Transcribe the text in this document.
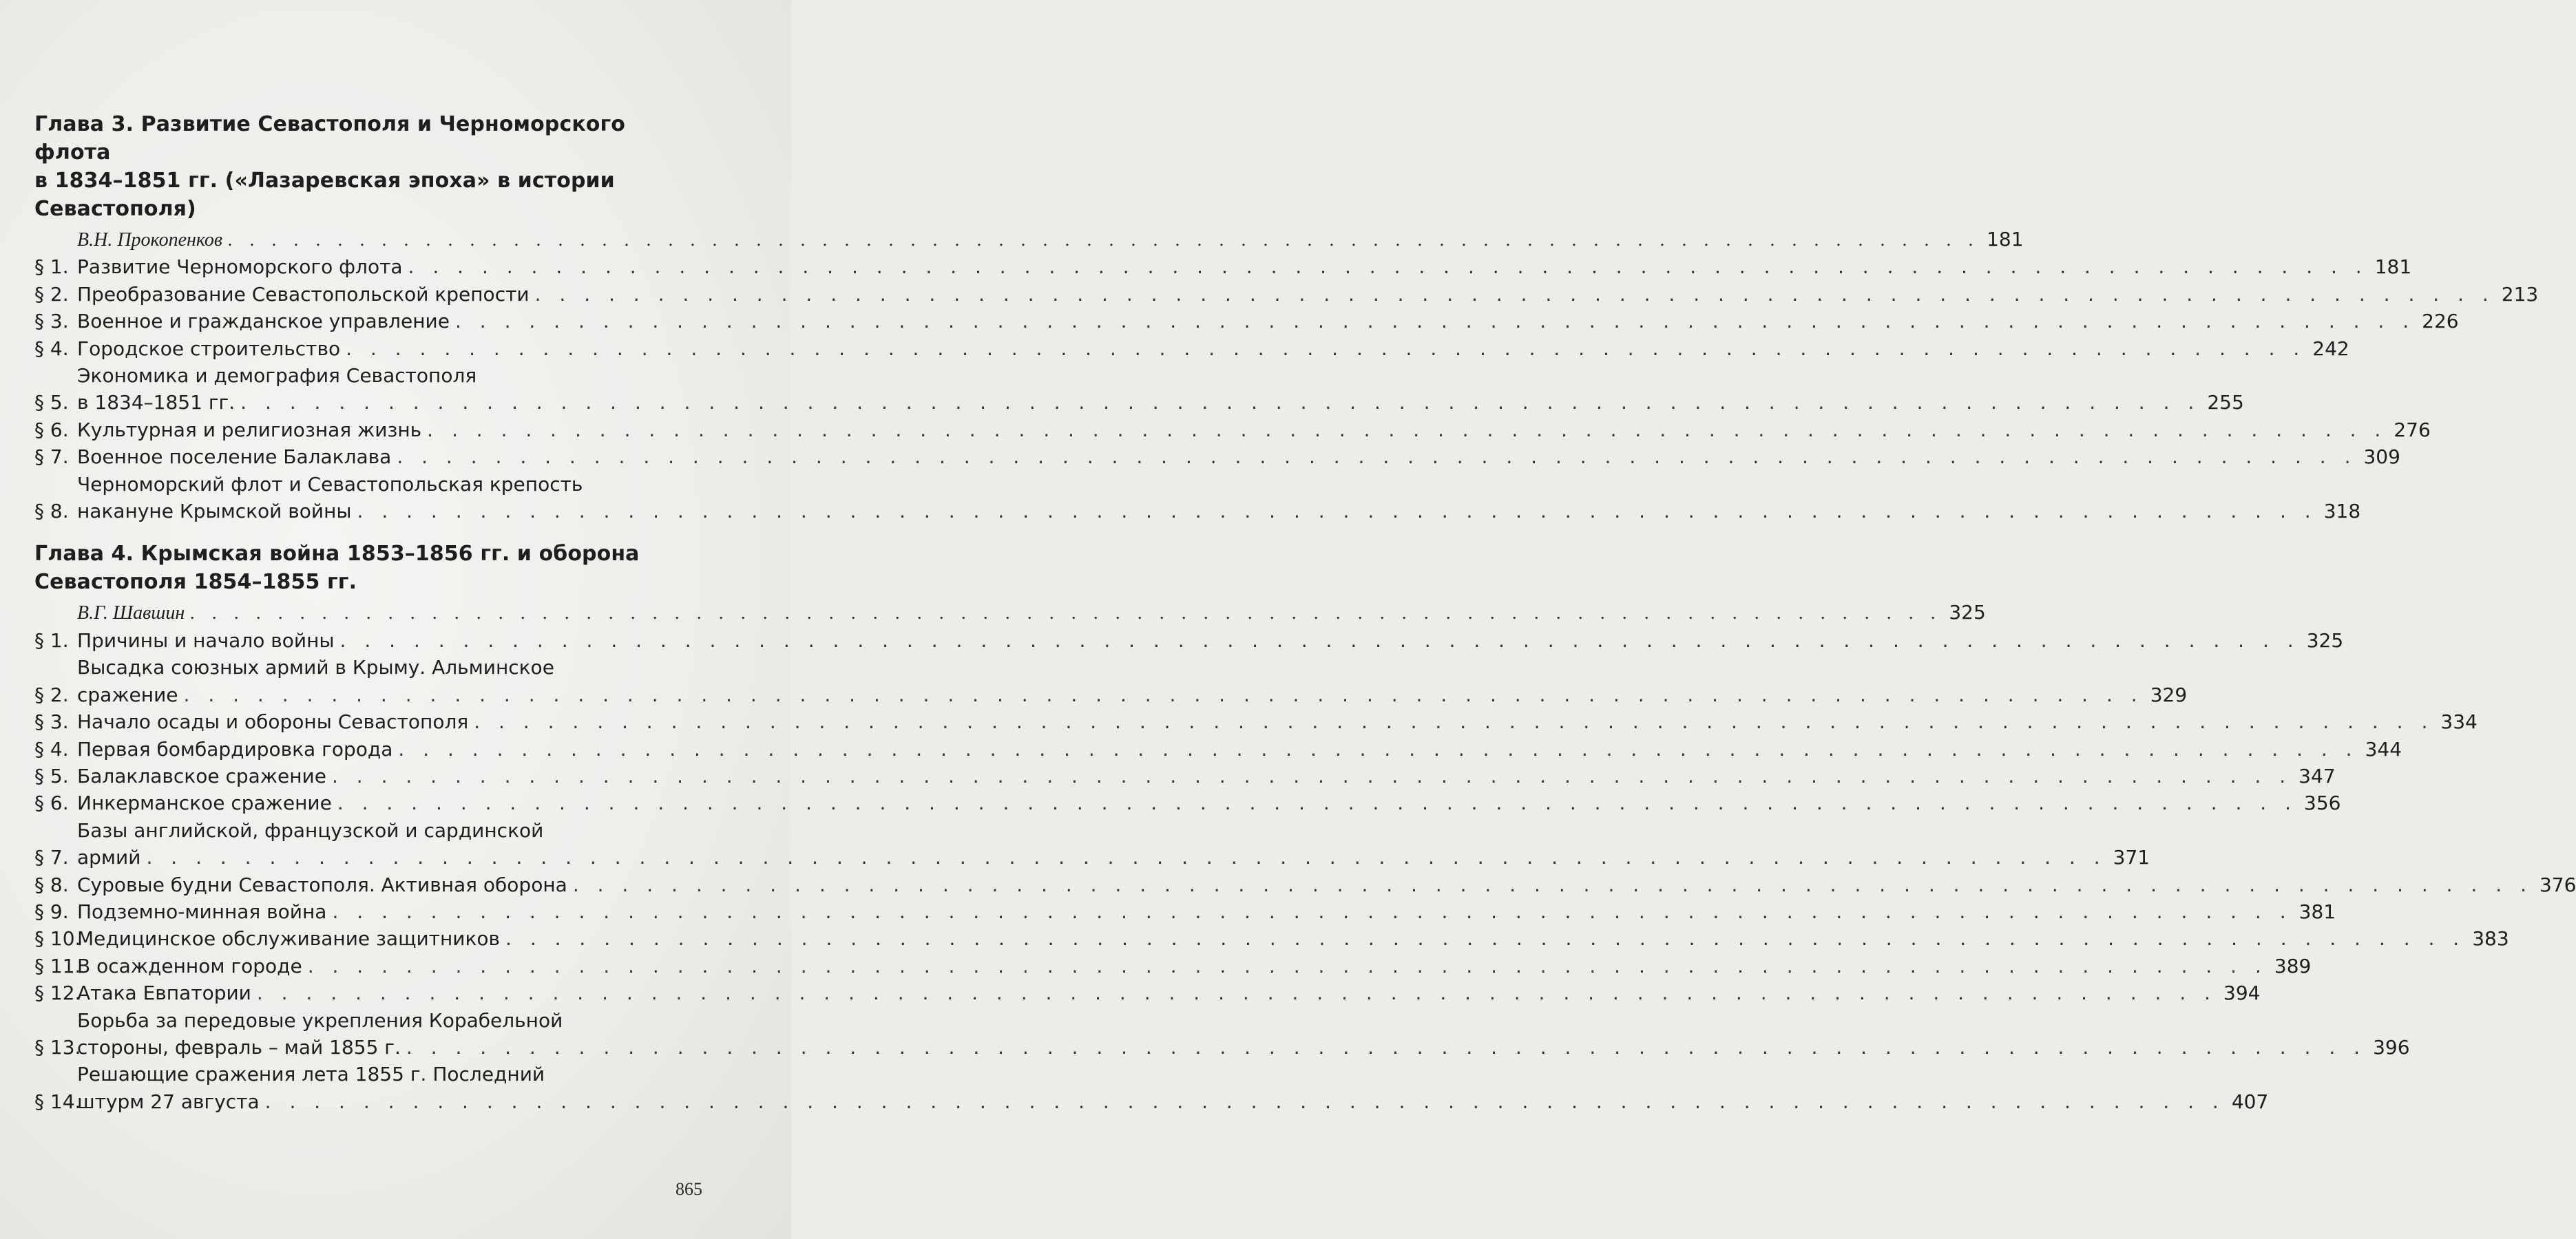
Глава 3. Развитие Севастополя и Черноморского флота
в 1834–1851 гг. («Лазаревская эпоха» в истории
Севастополя)
В.Н. Прокопенков . . . . . . . . . . . . . . . . . . . . . . . . . . . . . . . . . . . . . . . . . . . . . . . . . . . . . . . . . . . . . . . . . . . . . . . . . . . . . . . . 181
§ 1. Развитие Черноморского флота . . . . . . . . . . . . . . . . . . . . . . . . . . . . . . . . . . . . . . . . . . . . . . . . . . . . . . . . . . . . . . . . . . . . . . . . . . . . . . . . 181
§ 2. Преобразование Севастопольской крепости . . . . . . . . . . . . . . . . . . . . . . . . . . . . . . . . . . . . . . . . . . . . . . . . . . . . . . . . . . . . . . . . . . . . . . . . . . . . . . . . 213
§ 3. Военное и гражданское управление . . . . . . . . . . . . . . . . . . . . . . . . . . . . . . . . . . . . . . . . . . . . . . . . . . . . . . . . . . . . . . . . . . . . . . . . . . . . . . . . 226
§ 4. Городское строительство . . . . . . . . . . . . . . . . . . . . . . . . . . . . . . . . . . . . . . . . . . . . . . . . . . . . . . . . . . . . . . . . . . . . . . . . . . . . . . . . 242
§ 5.
Экономика и демография Севастополя
в 1834–1851 гг. . . . . . . . . . . . . . . . . . . . . . . . . . . . . . . . . . . . . . . . . . . . . . . . . . . . . . . . . . . . . . . . . . . . . . . . . . . . . . . . . 255
§ 6. Культурная и религиозная жизнь . . . . . . . . . . . . . . . . . . . . . . . . . . . . . . . . . . . . . . . . . . . . . . . . . . . . . . . . . . . . . . . . . . . . . . . . . . . . . . . . 276
§ 7. Военное поселение Балаклава . . . . . . . . . . . . . . . . . . . . . . . . . . . . . . . . . . . . . . . . . . . . . . . . . . . . . . . . . . . . . . . . . . . . . . . . . . . . . . . . 309
§ 8.
Черноморский флот и Севастопольская крепость
накануне Крымской войны . . . . . . . . . . . . . . . . . . . . . . . . . . . . . . . . . . . . . . . . . . . . . . . . . . . . . . . . . . . . . . . . . . . . . . . . . . . . . . . . 318
Глава 4. Крымская война 1853–1856 гг. и оборона
Севастополя 1854–1855 гг.
В.Г. Шавшин . . . . . . . . . . . . . . . . . . . . . . . . . . . . . . . . . . . . . . . . . . . . . . . . . . . . . . . . . . . . . . . . . . . . . . . . . . . . . . . . 325
§ 1. Причины и начало войны . . . . . . . . . . . . . . . . . . . . . . . . . . . . . . . . . . . . . . . . . . . . . . . . . . . . . . . . . . . . . . . . . . . . . . . . . . . . . . . . 325
§ 2.
Высадка союзных армий в Крыму. Альминское
сражение . . . . . . . . . . . . . . . . . . . . . . . . . . . . . . . . . . . . . . . . . . . . . . . . . . . . . . . . . . . . . . . . . . . . . . . . . . . . . . . . 329
§ 3. Начало осады и обороны Севастополя . . . . . . . . . . . . . . . . . . . . . . . . . . . . . . . . . . . . . . . . . . . . . . . . . . . . . . . . . . . . . . . . . . . . . . . . . . . . . . . . 334
§ 4. Первая бомбардировка города . . . . . . . . . . . . . . . . . . . . . . . . . . . . . . . . . . . . . . . . . . . . . . . . . . . . . . . . . . . . . . . . . . . . . . . . . . . . . . . . 344
§ 5. Балаклавское сражение . . . . . . . . . . . . . . . . . . . . . . . . . . . . . . . . . . . . . . . . . . . . . . . . . . . . . . . . . . . . . . . . . . . . . . . . . . . . . . . . 347
§ 6. Инкерманское сражение . . . . . . . . . . . . . . . . . . . . . . . . . . . . . . . . . . . . . . . . . . . . . . . . . . . . . . . . . . . . . . . . . . . . . . . . . . . . . . . . 356
§ 7.
Базы английской, французской и сардинской
армий . . . . . . . . . . . . . . . . . . . . . . . . . . . . . . . . . . . . . . . . . . . . . . . . . . . . . . . . . . . . . . . . . . . . . . . . . . . . . . . . 371
§ 8. Суровые будни Севастополя. Активная оборона . . . . . . . . . . . . . . . . . . . . . . . . . . . . . . . . . . . . . . . . . . . . . . . . . . . . . . . . . . . . . . . . . . . . . . . . . . . . . . . . 376
§ 9. Подземно-минная война . . . . . . . . . . . . . . . . . . . . . . . . . . . . . . . . . . . . . . . . . . . . . . . . . . . . . . . . . . . . . . . . . . . . . . . . . . . . . . . . 381
§ 10.
Медицинское обслуживание защитников . . . . . . . . . . . . . . . . . . . . . . . . . . . . . . . . . . . . . . . . . . . . . . . . . . . . . . . . . . . . . . . . . . . . . . . . . . . . . . . . 383
§ 11.
В осажденном городе . . . . . . . . . . . . . . . . . . . . . . . . . . . . . . . . . . . . . . . . . . . . . . . . . . . . . . . . . . . . . . . . . . . . . . . . . . . . . . . . 389
§ 12.
Атака Евпатории . . . . . . . . . . . . . . . . . . . . . . . . . . . . . . . . . . . . . . . . . . . . . . . . . . . . . . . . . . . . . . . . . . . . . . . . . . . . . . . . 394
§ 13.
Борьба за передовые укрепления Корабельной
стороны, февраль – май 1855 г. . . . . . . . . . . . . . . . . . . . . . . . . . . . . . . . . . . . . . . . . . . . . . . . . . . . . . . . . . . . . . . . . . . . . . . . . . . . . . . . . 396
§ 14.
Решающие сражения лета 1855 г. Последний
штурм 27 августа . . . . . . . . . . . . . . . . . . . . . . . . . . . . . . . . . . . . . . . . . . . . . . . . . . . . . . . . . . . . . . . . . . . . . . . . . . . . . . . . 407
865
